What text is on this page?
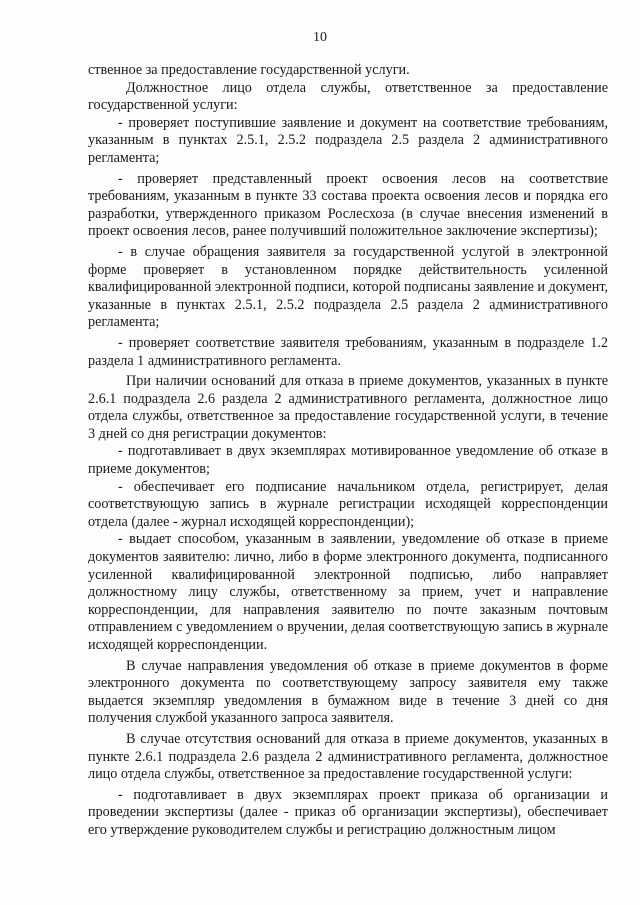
10

ственное за предоставление государственной услуги.

Должностное лицо отдела службы, ответственное за предоставление государственной услуги:

- проверяет поступившие заявление и документ на соответствие требованиям, указанным в пунктах 2.5.1, 2.5.2 подраздела 2.5 раздела 2 административного регламента;

- проверяет представленный проект освоения лесов на соответствие требованиям, указанным в пункте 33 состава проекта освоения лесов и порядка его разработки, утвержденного приказом Рослесхоза (в случае внесения изменений в проект освоения лесов, ранее получивший положительное заключение экспертизы);

- в случае обращения заявителя за государственной услугой в электронной форме проверяет в установленном порядке действительность усиленной квалифицированной электронной подписи, которой подписаны заявление и документ, указанные в пунктах 2.5.1, 2.5.2 подраздела 2.5 раздела 2 административного регламента;

- проверяет соответствие заявителя требованиям, указанным в подразделе 1.2 раздела 1 административного регламента.

При наличии оснований для отказа в приеме документов, указанных в пункте 2.6.1 подраздела 2.6 раздела 2 административного регламента, должностное лицо отдела службы, ответственное за предоставление государственной услуги, в течение 3 дней со дня регистрации документов:

- подготавливает в двух экземплярах мотивированное уведомление об отказе в приеме документов;

- обеспечивает его подписание начальником отдела, регистрирует, делая соответствующую запись в журнале регистрации исходящей корреспонденции отдела (далее - журнал исходящей корреспонденции);

- выдает способом, указанным в заявлении, уведомление об отказе в приеме документов заявителю: лично, либо в форме электронного документа, подписанного усиленной квалифицированной электронной подписью, либо направляет должностному лицу службы, ответственному за прием, учет и направление корреспонденции, для направления заявителю по почте заказным почтовым отправлением с уведомлением о вручении, делая соответствующую запись в журнале исходящей корреспонденции.

В случае направления уведомления об отказе в приеме документов в форме электронного документа по соответствующему запросу заявителя ему также выдается экземпляр уведомления в бумажном виде в течение 3 дней со дня получения службой указанного запроса заявителя.

В случае отсутствия оснований для отказа в приеме документов, указанных в пункте 2.6.1 подраздела 2.6 раздела 2 административного регламента, должностное лицо отдела службы, ответственное за предоставление государственной услуги:

- подготавливает в двух экземплярах проект приказа об организации и проведении экспертизы (далее - приказ об организации экспертизы), обеспечивает его утверждение руководителем службы и регистрацию должностным лицом
